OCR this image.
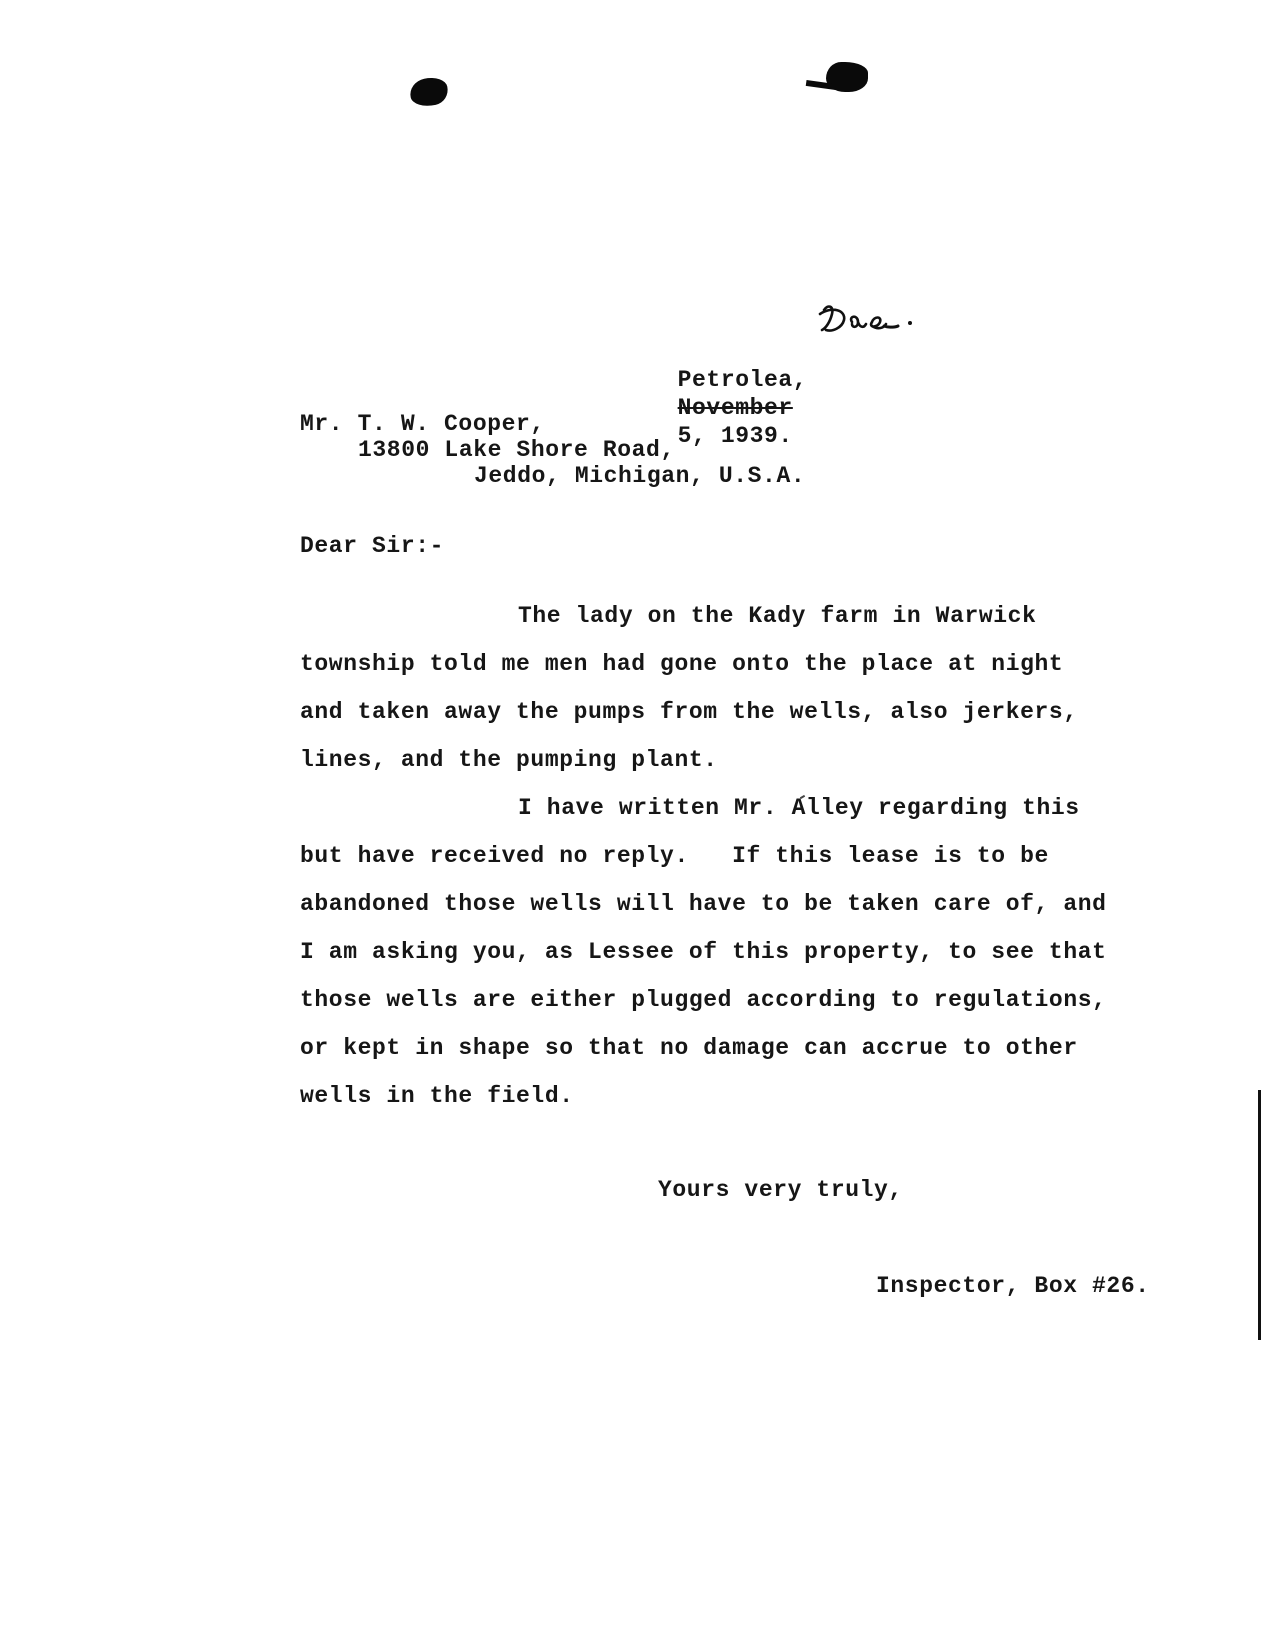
Petrolea,
November
5, 1939.

Mr. T. W. Cooper,
13800 Lake Shore Road,
Jeddo, Michigan, U.S.A.
Dear Sir:-
The lady on the Kady farm in Warwick
township told me men had gone onto the place at night
and taken away the pumps from the wells, also jerkers,
lines, and the pumping plant.
I have written Mr. Alley regarding this
but have received no reply.   If this lease is to be
abandoned those wells will have to be taken care of, and
I am asking you, as Lessee of this property, to see that
those wells are either plugged according to regulations,
or kept in shape so that no damage can accrue to other
wells in the field.
Yours very truly,
Inspector, Box #26.
